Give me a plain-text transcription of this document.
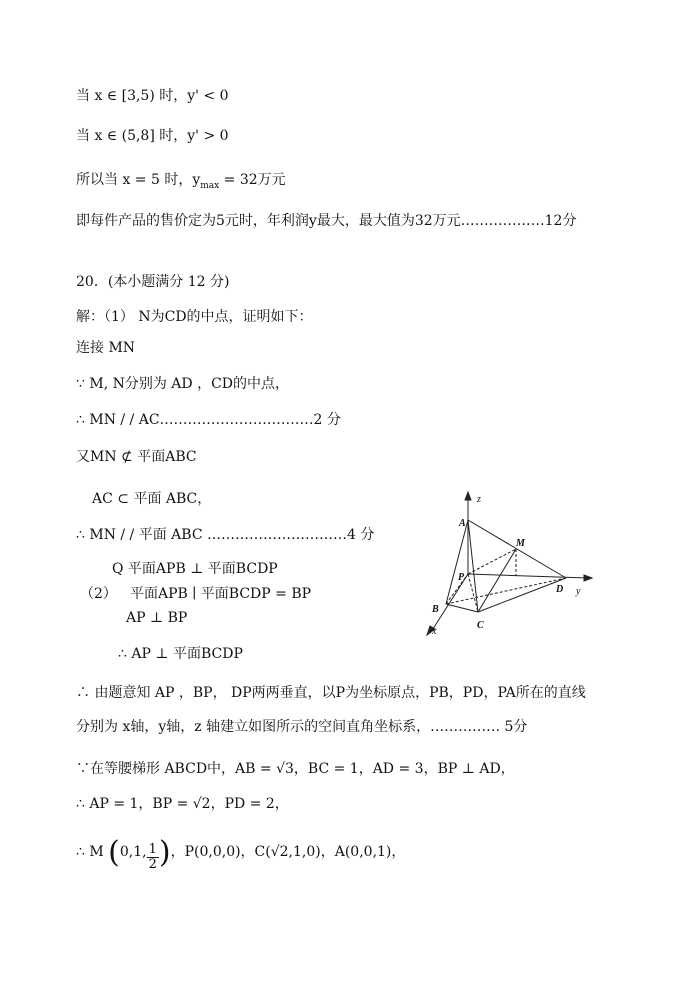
当 x ∈ [3,5) 时，y' < 0
当 x ∈ (5,8] 时，y' > 0
所以当 x = 5 时，$y_{max} = 32$万元
即每件产品的售价定为5元时，年利润y最大，最大值为32万元………………12分
20．(本小题满分 12 分)
解：（1） N为CD的中点，证明如下：
连接 MN
∵ M, N分别为 AD ，CD的中点，
∴ MN / / AC……………………………2 分
又MN ⊄ 平面ABC
AC ⊂ 平面 ABC，
∴ MN / / 平面 ABC …………………………4 分
Q 平面APB ⊥ 平面BCDP
（2） 平面APB ∣ 平面BCDP = BP
AP ⊥ BP
∴ AP ⊥ 平面BCDP
∴ 由题意知 AP ，BP， DP两两垂直，以P为坐标原点，PB，PD，PA所在的直线
分别为 x轴，y轴，z 轴建立如图所示的空间直角坐标系，…………… 5分
∵在等腰梯形 ABCD中，AB = √3，BC = 1，AD = 3，BP ⊥ AD，
∴ AP = 1，BP = √2，PD = 2，
∴ M (0,1, $\frac{1}{2}$ )，P(0,0,0)，C(√2,1,0)，A(0,0,1)，
z
A
M
P
D y
B
C
x
